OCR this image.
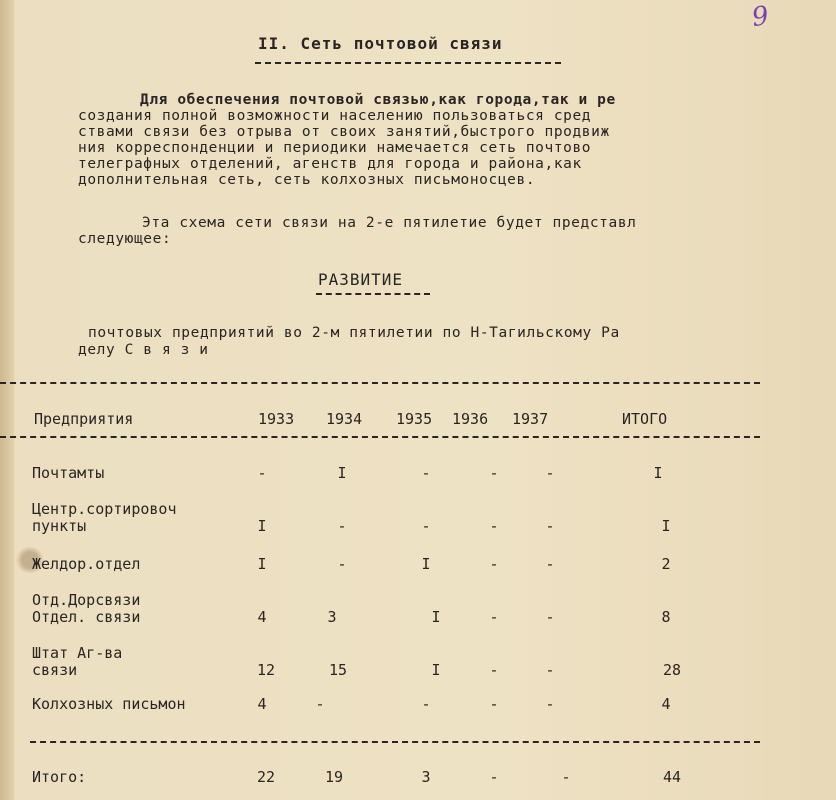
9
II. Сеть почтовой связи
Для обеспечения почтовой связью,как города,так и ре
создания полной возможности населению пользоваться сред
ствами связи без отрыва от своих занятий,быстрого продвиж
ния корреспонденции и периодики намечается сеть почтово
телеграфных отделений, агенств для города и района,как
дополнительная сеть, сеть колхозных письмоносцев.
Эта схема сети связи на 2-е пятилетие будет представл
следующее:
РАЗВИТИЕ
почтовых предприятий во 2-м пятилетии по Н-Тагильскому Ра
делу С в я з и
Предприятия	1933 1934 1935 1936 1937	ИТОГО
Почтамты	-	I	-	-	-	I
Центр.сортировоч
пункты	I	-	-	-	-	I
Желдор.отдел	I	-	I	-	-	2
Отд.Дорсвязи
Отдел. связи	4	3	I	-	-	8
Штат Аг-ва
связи	12	15	I	-	-	28
Колхозных письмон	4	-	-	-	-	4
Итого:	22	19	3	-	-	44
